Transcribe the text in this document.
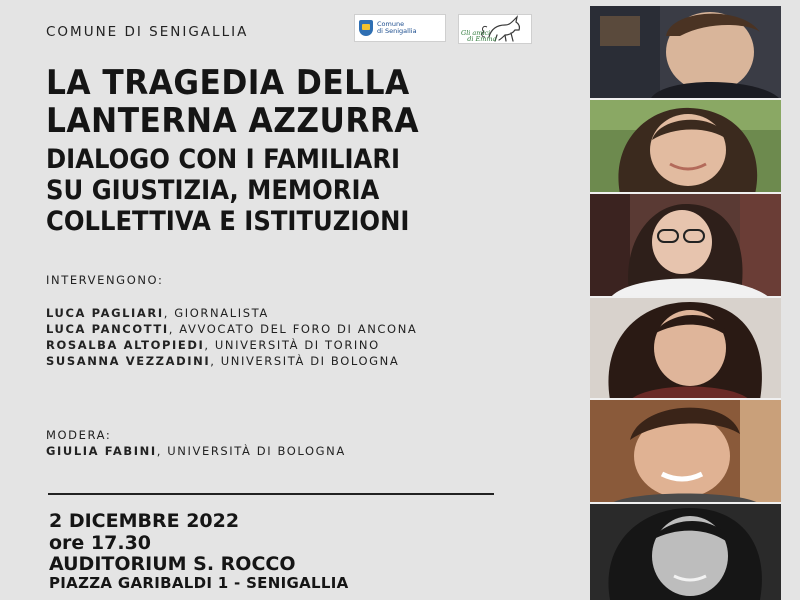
COMUNE DI SENIGALLIA	Comune
di Senigallia	Gli amici
di Emma
LA TRAGEDIA DELLA
LANTERNA AZZURRA
DIALOGO CON I FAMILIARI
SU GIUSTIZIA, MEMORIA
COLLETTIVA E ISTITUZIONI
INTERVENGONO:
LUCA PAGLIARI, GIORNALISTA
LUCA PANCOTTI, AVVOCATO DEL FORO DI ANCONA
ROSALBA ALTOPIEDI, UNIVERSITÀ DI TORINO
SUSANNA VEZZADINI, UNIVERSITÀ DI BOLOGNA
MODERA:
GIULIA FABINI, UNIVERSITÀ DI BOLOGNA
2 DICEMBRE 2022
ore 17.30
AUDITORIUM S. ROCCO
PIAZZA GARIBALDI 1 - SENIGALLIA
